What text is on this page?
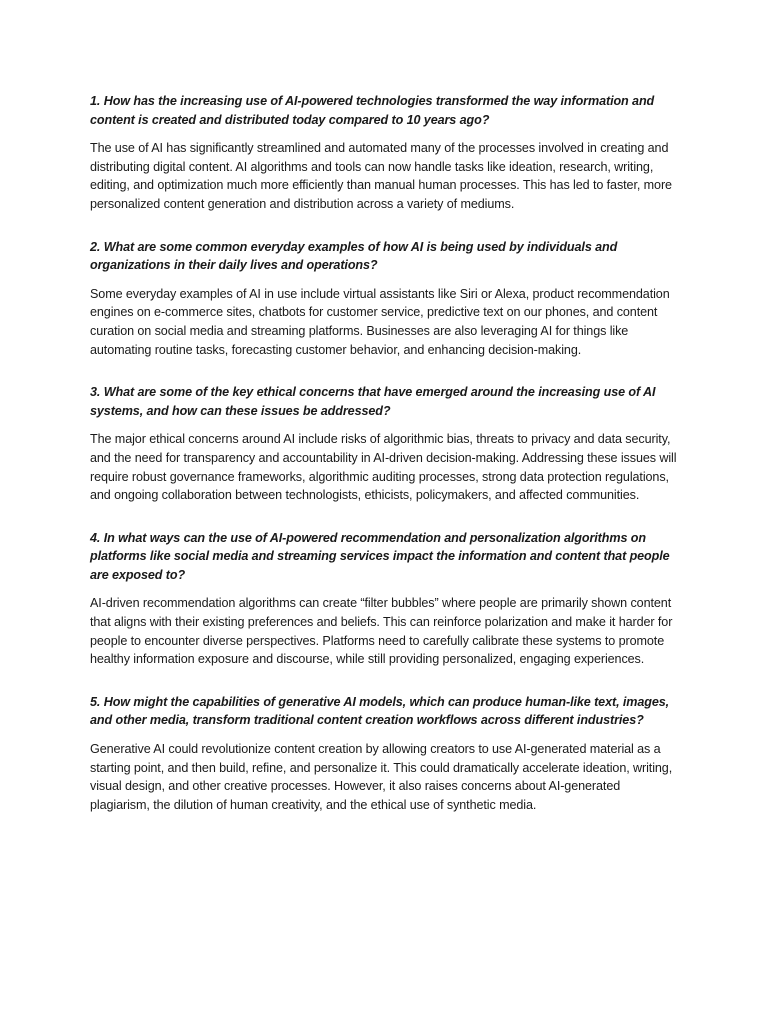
1. How has the increasing use of AI-powered technologies transformed the way information and content is created and distributed today compared to 10 years ago?

The use of AI has significantly streamlined and automated many of the processes involved in creating and distributing digital content. AI algorithms and tools can now handle tasks like ideation, research, writing, editing, and optimization much more efficiently than manual human processes. This has led to faster, more personalized content generation and distribution across a variety of mediums.

2. What are some common everyday examples of how AI is being used by individuals and organizations in their daily lives and operations?

Some everyday examples of AI in use include virtual assistants like Siri or Alexa, product recommendation engines on e-commerce sites, chatbots for customer service, predictive text on our phones, and content curation on social media and streaming platforms. Businesses are also leveraging AI for things like automating routine tasks, forecasting customer behavior, and enhancing decision-making.

3. What are some of the key ethical concerns that have emerged around the increasing use of AI systems, and how can these issues be addressed?

The major ethical concerns around AI include risks of algorithmic bias, threats to privacy and data security, and the need for transparency and accountability in AI-driven decision-making. Addressing these issues will require robust governance frameworks, algorithmic auditing processes, strong data protection regulations, and ongoing collaboration between technologists, ethicists, policymakers, and affected communities.

4. In what ways can the use of AI-powered recommendation and personalization algorithms on platforms like social media and streaming services impact the information and content that people are exposed to?

AI-driven recommendation algorithms can create “filter bubbles” where people are primarily shown content that aligns with their existing preferences and beliefs. This can reinforce polarization and make it harder for people to encounter diverse perspectives. Platforms need to carefully calibrate these systems to promote healthy information exposure and discourse, while still providing personalized, engaging experiences.

5. How might the capabilities of generative AI models, which can produce human-like text, images, and other media, transform traditional content creation workflows across different industries?

Generative AI could revolutionize content creation by allowing creators to use AI-generated material as a starting point, and then build, refine, and personalize it. This could dramatically accelerate ideation, writing, visual design, and other creative processes. However, it also raises concerns about AI-generated plagiarism, the dilution of human creativity, and the ethical use of synthetic media.
